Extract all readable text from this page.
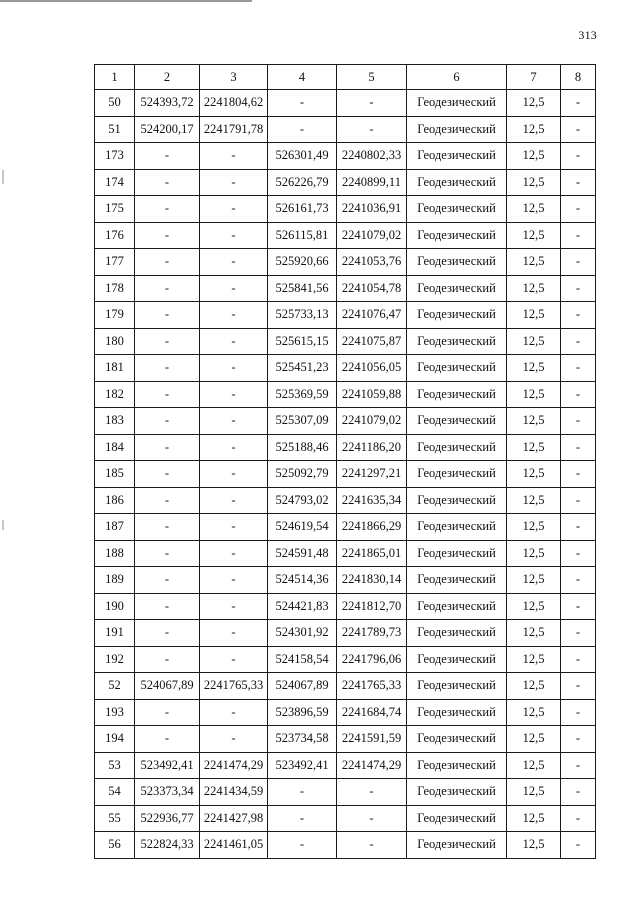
313
1	2	3	4	5	6	7	8
50	524393,72	2241804,62	-	-	Геодезический	12,5	-
51	524200,17	2241791,78	-	-	Геодезический	12,5	-
173	-	-	526301,49	2240802,33	Геодезический	12,5	-
174	-	-	526226,79	2240899,11	Геодезический	12,5	-
175	-	-	526161,73	2241036,91	Геодезический	12,5	-
176	-	-	526115,81	2241079,02	Геодезический	12,5	-
177	-	-	525920,66	2241053,76	Геодезический	12,5	-
178	-	-	525841,56	2241054,78	Геодезический	12,5	-
179	-	-	525733,13	2241076,47	Геодезический	12,5	-
180	-	-	525615,15	2241075,87	Геодезический	12,5	-
181	-	-	525451,23	2241056,05	Геодезический	12,5	-
182	-	-	525369,59	2241059,88	Геодезический	12,5	-
183	-	-	525307,09	2241079,02	Геодезический	12,5	-
184	-	-	525188,46	2241186,20	Геодезический	12,5	-
185	-	-	525092,79	2241297,21	Геодезический	12,5	-
186	-	-	524793,02	2241635,34	Геодезический	12,5	-
187	-	-	524619,54	2241866,29	Геодезический	12,5	-
188	-	-	524591,48	2241865,01	Геодезический	12,5	-
189	-	-	524514,36	2241830,14	Геодезический	12,5	-
190	-	-	524421,83	2241812,70	Геодезический	12,5	-
191	-	-	524301,92	2241789,73	Геодезический	12,5	-
192	-	-	524158,54	2241796,06	Геодезический	12,5	-
52	524067,89	2241765,33	524067,89	2241765,33	Геодезический	12,5	-
193	-	-	523896,59	2241684,74	Геодезический	12,5	-
194	-	-	523734,58	2241591,59	Геодезический	12,5	-
53	523492,41	2241474,29	523492,41	2241474,29	Геодезический	12,5	-
54	523373,34	2241434,59	-	-	Геодезический	12,5	-
55	522936,77	2241427,98	-	-	Геодезический	12,5	-
56	522824,33	2241461,05	-	-	Геодезический	12,5	-
